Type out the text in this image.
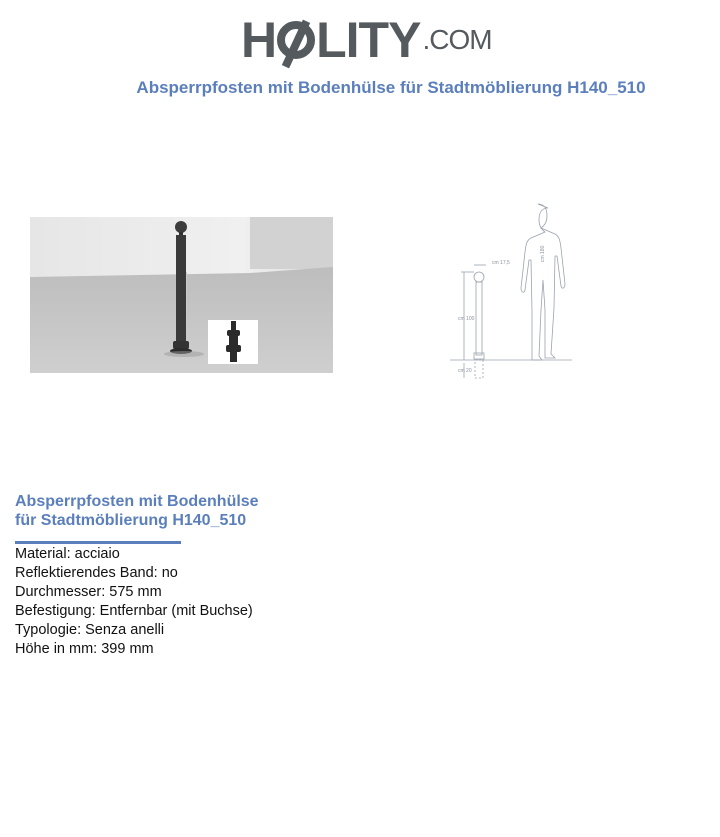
H LITY .COM
Absperrpfosten mit Bodenhülse für Stadtmöblierung H140_510
cm 17,5
cm 100
cm 20
cm 180
Absperrpfosten mit Bodenhülse
für Stadtmöblierung H140_510
Material: acciaio
Reflektierendes Band: no
Durchmesser: 575 mm
Befestigung: Entfernbar (mit Buchse)
Typologie: Senza anelli
Höhe in mm: 399 mm
